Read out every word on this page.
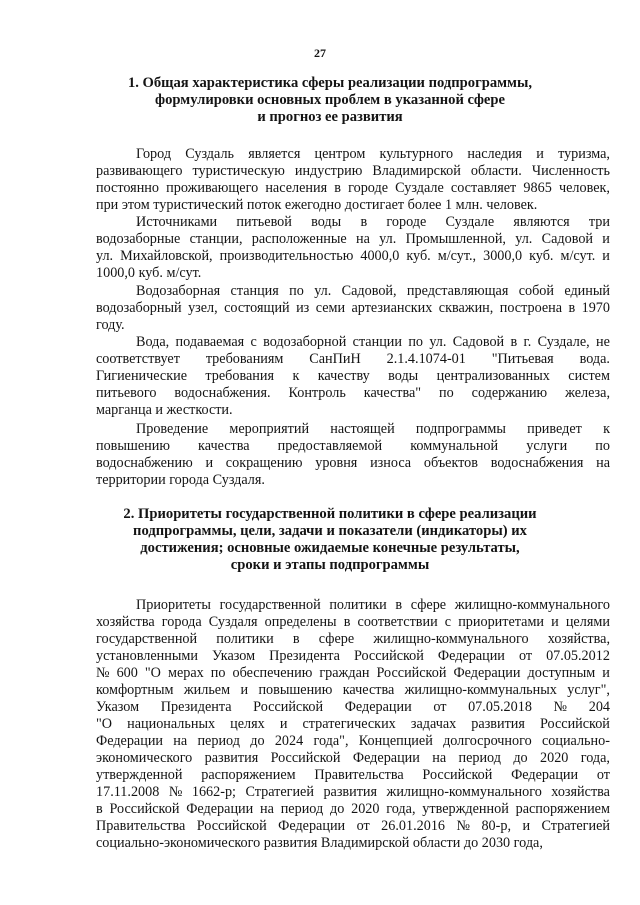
27
1. Общая характеристика сферы реализации подпрограммы,
формулировки основных проблем в указанной сфере
и прогноз ее развития
Город Суздаль является центром культурного наследия и туризма,
развивающего туристическую индустрию Владимирской области. Численность
постоянно проживающего населения в городе Суздале составляет 9865 человек,
при этом туристический поток ежегодно достигает более 1 млн. человек.
Источниками питьевой воды в городе Суздале являются три
водозаборные станции, расположенные на ул. Промышленной, ул. Садовой и
ул. Михайловской, производительностью 4000,0 куб. м/сут., 3000,0 куб. м/сут. и
1000,0 куб. м/сут.
Водозаборная станция по ул. Садовой, представляющая собой единый
водозаборный узел, состоящий из семи артезианских скважин, построена в 1970
году.
Вода, подаваемая с водозаборной станции по ул. Садовой в г. Суздале, не
соответствует требованиям СанПиН 2.1.4.1074-01 "Питьевая вода.
Гигиенические требования к качеству воды централизованных систем
питьевого водоснабжения. Контроль качества" по содержанию железа,
марганца и жесткости.
Проведение мероприятий настоящей подпрограммы приведет к
повышению качества предоставляемой коммунальной услуги по
водоснабжению и сокращению уровня износа объектов водоснабжения на
территории города Суздаля.
2. Приоритеты государственной политики в сфере реализации
подпрограммы, цели, задачи и показатели (индикаторы) их
достижения; основные ожидаемые конечные результаты,
сроки и этапы подпрограммы
Приоритеты государственной политики в сфере жилищно-коммунального
хозяйства города Суздаля определены в соответствии с приоритетами и целями
государственной политики в сфере жилищно-коммунального хозяйства,
установленными Указом Президента Российской Федерации от 07.05.2012
№ 600 "О мерах по обеспечению граждан Российской Федерации доступным и
комфортным жильем и повышению качества жилищно-коммунальных услуг",
Указом Президента Российской Федерации от 07.05.2018 № 204
"О национальных целях и стратегических задачах развития Российской
Федерации на период до 2024 года", Концепцией долгосрочного социально-
экономического развития Российской Федерации на период до 2020 года,
утвержденной распоряжением Правительства Российской Федерации от
17.11.2008 № 1662-р; Стратегией развития жилищно-коммунального хозяйства
в Российской Федерации на период до 2020 года, утвержденной распоряжением
Правительства Российской Федерации от 26.01.2016 № 80-р, и Стратегией
социально-экономического развития Владимирской области до 2030 года,
